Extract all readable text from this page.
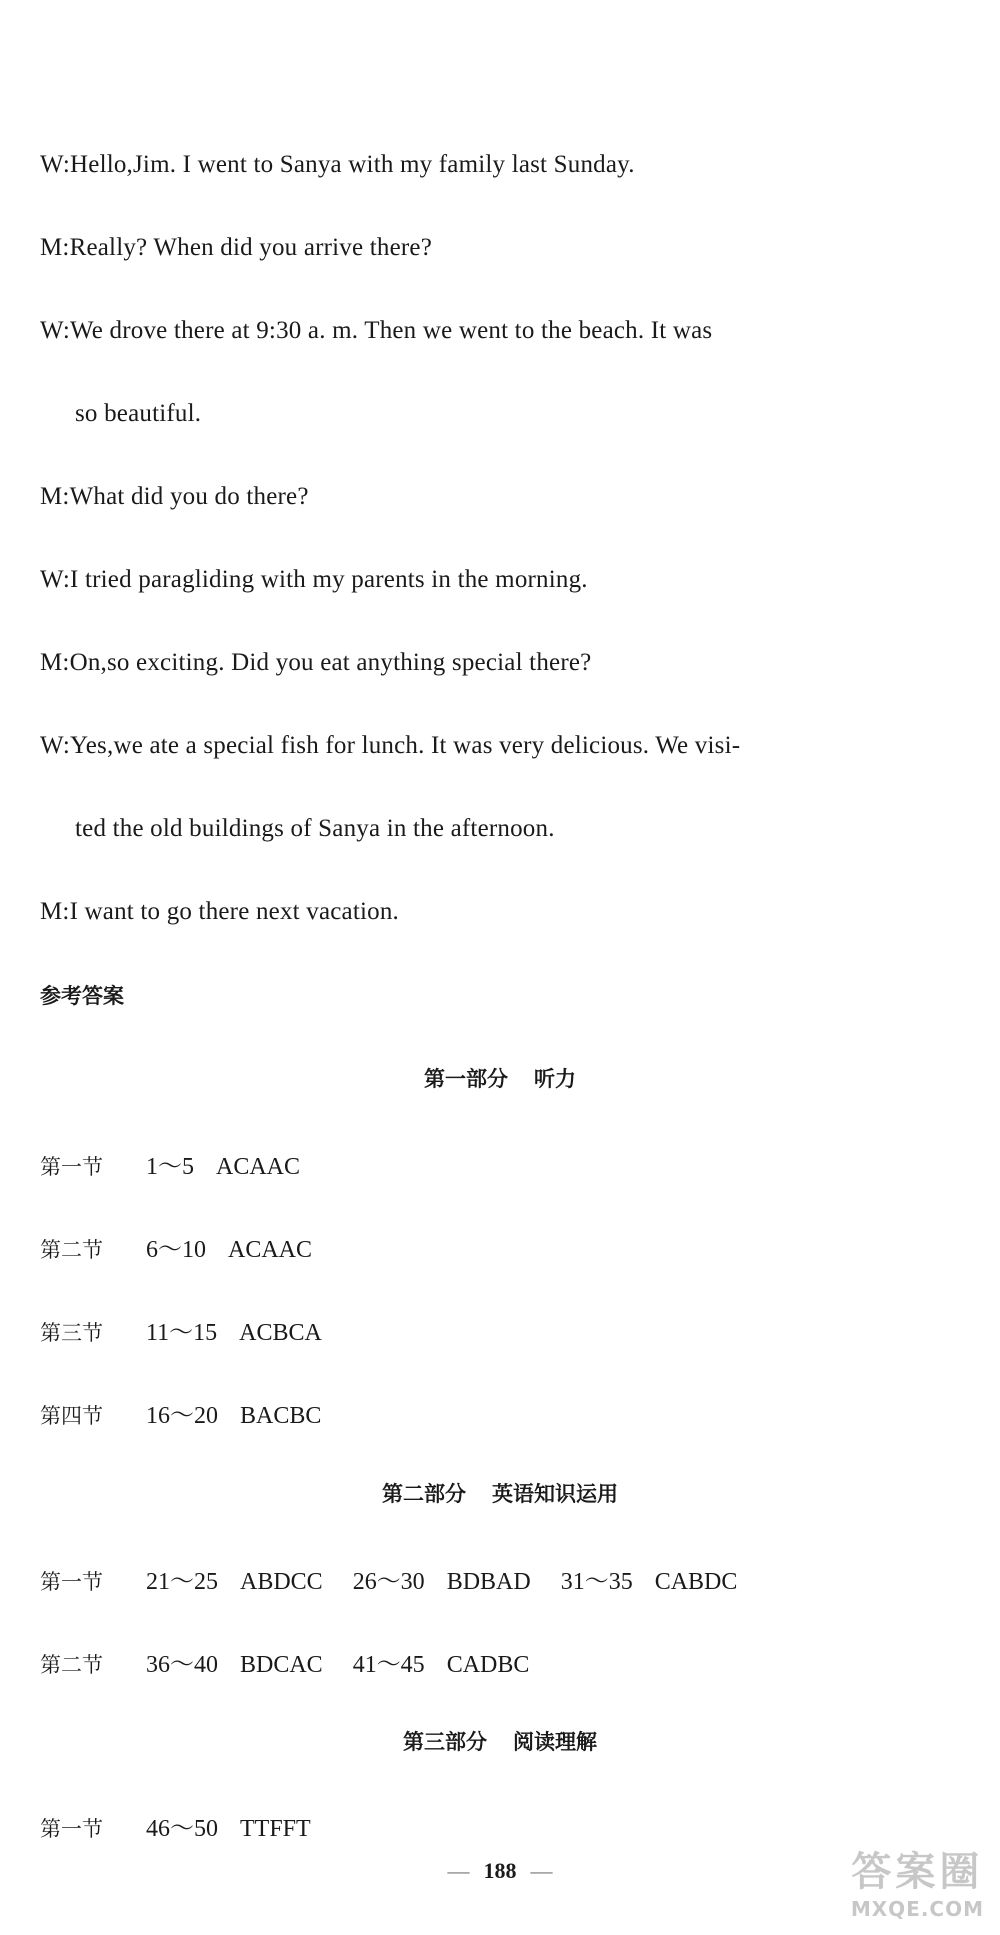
W:Hello,Jim. I went to Sanya with my family last Sunday.
M:Really? When did you arrive there?
W:We drove there at 9:30 a. m. Then we went to the beach. It was
so beautiful.
M:What did you do there?
W:I tried paragliding with my parents in the morning.
M:On,so exciting. Did you eat anything special there?
W:Yes,we ate a special fish for lunch. It was very delicious. We visi-
ted the old buildings of Sanya in the afternoon.
M:I want to go there next vacation.
参考答案
第一部分 听力
第一节 1～5 ACAAC
第二节 6～10 ACAAC
第三节 11～15 ACBCA
第四节 16～20 BACBC
第二部分 英语知识运用
第一节 21～25 ABDCC 26～30 BDBAD 31～35 CABDC
第二节 36～40 BDCAC 41～45 CADBC
第三部分 阅读理解
第一节 46～50 TTFFT
— 188 —	答案圈
MXQE.COM
